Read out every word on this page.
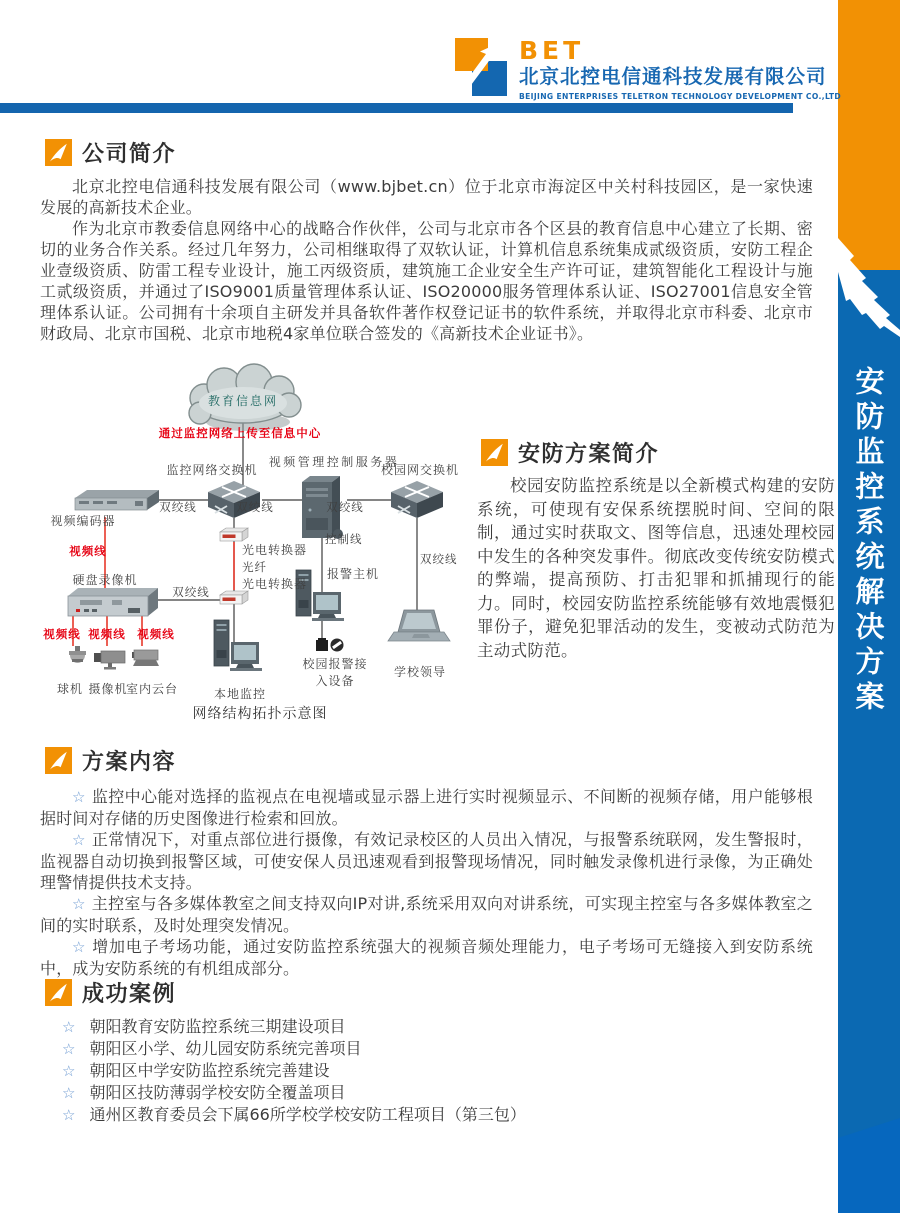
安防监控系统解决方案
BET
北京北控电信通科技发展有限公司
BEIJING ENTERPRISES TELETRON TECHNOLOGY DEVELOPMENT CO.,LTD
公司简介

北京北控电信通科技发展有限公司（www.bjbet.cn）位于北京市海淀区中关村科技园区，是一家快速发展的高新技术企业。

作为北京市教委信息网络中心的战略合作伙伴，公司与北京市各个区县的教育信息中心建立了长期、密切的业务合作关系。经过几年努力，公司相继取得了双软认证，计算机信息系统集成贰级资质，安防工程企业壹级资质、防雷工程专业设计，施工丙级资质，建筑施工企业安全生产许可证，建筑智能化工程设计与施工贰级资质，并通过了ISO9001质量管理体系认证、ISO20000服务管理体系认证、ISO27001信息安全管理体系认证。公司拥有十余项自主研发并具备软件著作权登记证书的软件系统，并取得北京市科委、北京市财政局、北京市国税、北京市地税4家单位联合签发的《高新技术企业证书》。

教育信息网
通过监控网络上传至信息中心
监控网络交换机
视频管理控制服务器
校园网交换机
双绞线	双绞线	双绞线
视频编码器
视频线	光电转换器
光纤
光电转换器
控制线
硬盘录像机
双绞线
报警主机
双绞线
视频线 视频线 视频线
球机 摄像机
室内云台	本地监控
校园报警接
入设备
学校领导
网络结构拓扑示意图
安防方案简介

校园安防监控系统是以全新模式构建的安防系统，可使现有安保系统摆脱时间、空间的限制，通过实时获取文、图等信息，迅速处理校园中发生的各种突发事件。彻底改变传统安防模式的弊端，提高预防、打击犯罪和抓捕现行的能力。同时，校园安防监控系统能够有效地震慑犯罪份子，避免犯罪活动的发生，变被动式防范为主动式防范。

方案内容

☆ 监控中心能对选择的监视点在电视墙或显示器上进行实时视频显示、不间断的视频存储，用户能够根据时间对存储的历史图像进行检索和回放。

☆ 正常情况下，对重点部位进行摄像，有效记录校区的人员出入情况，与报警系统联网，发生警报时，监视器自动切换到报警区域，可使安保人员迅速观看到报警现场情况，同时触发录像机进行录像，为正确处理警情提供技术支持。

☆ 主控室与各多媒体教室之间支持双向IP对讲,系统采用双向对讲系统，可实现主控室与各多媒体教室之间的实时联系，及时处理突发情况。

☆ 增加电子考场功能，通过安防监控系统强大的视频音频处理能力，电子考场可无缝接入到安防系统中，成为安防系统的有机组成部分。

成功案例
☆ 朝阳教育安防监控系统三期建设项目
☆ 朝阳区小学、幼儿园安防系统完善项目
☆ 朝阳区中学安防监控系统完善建设
☆ 朝阳区技防薄弱学校安防全覆盖项目
☆ 通州区教育委员会下属66所学校学校安防工程项目（第三包）
